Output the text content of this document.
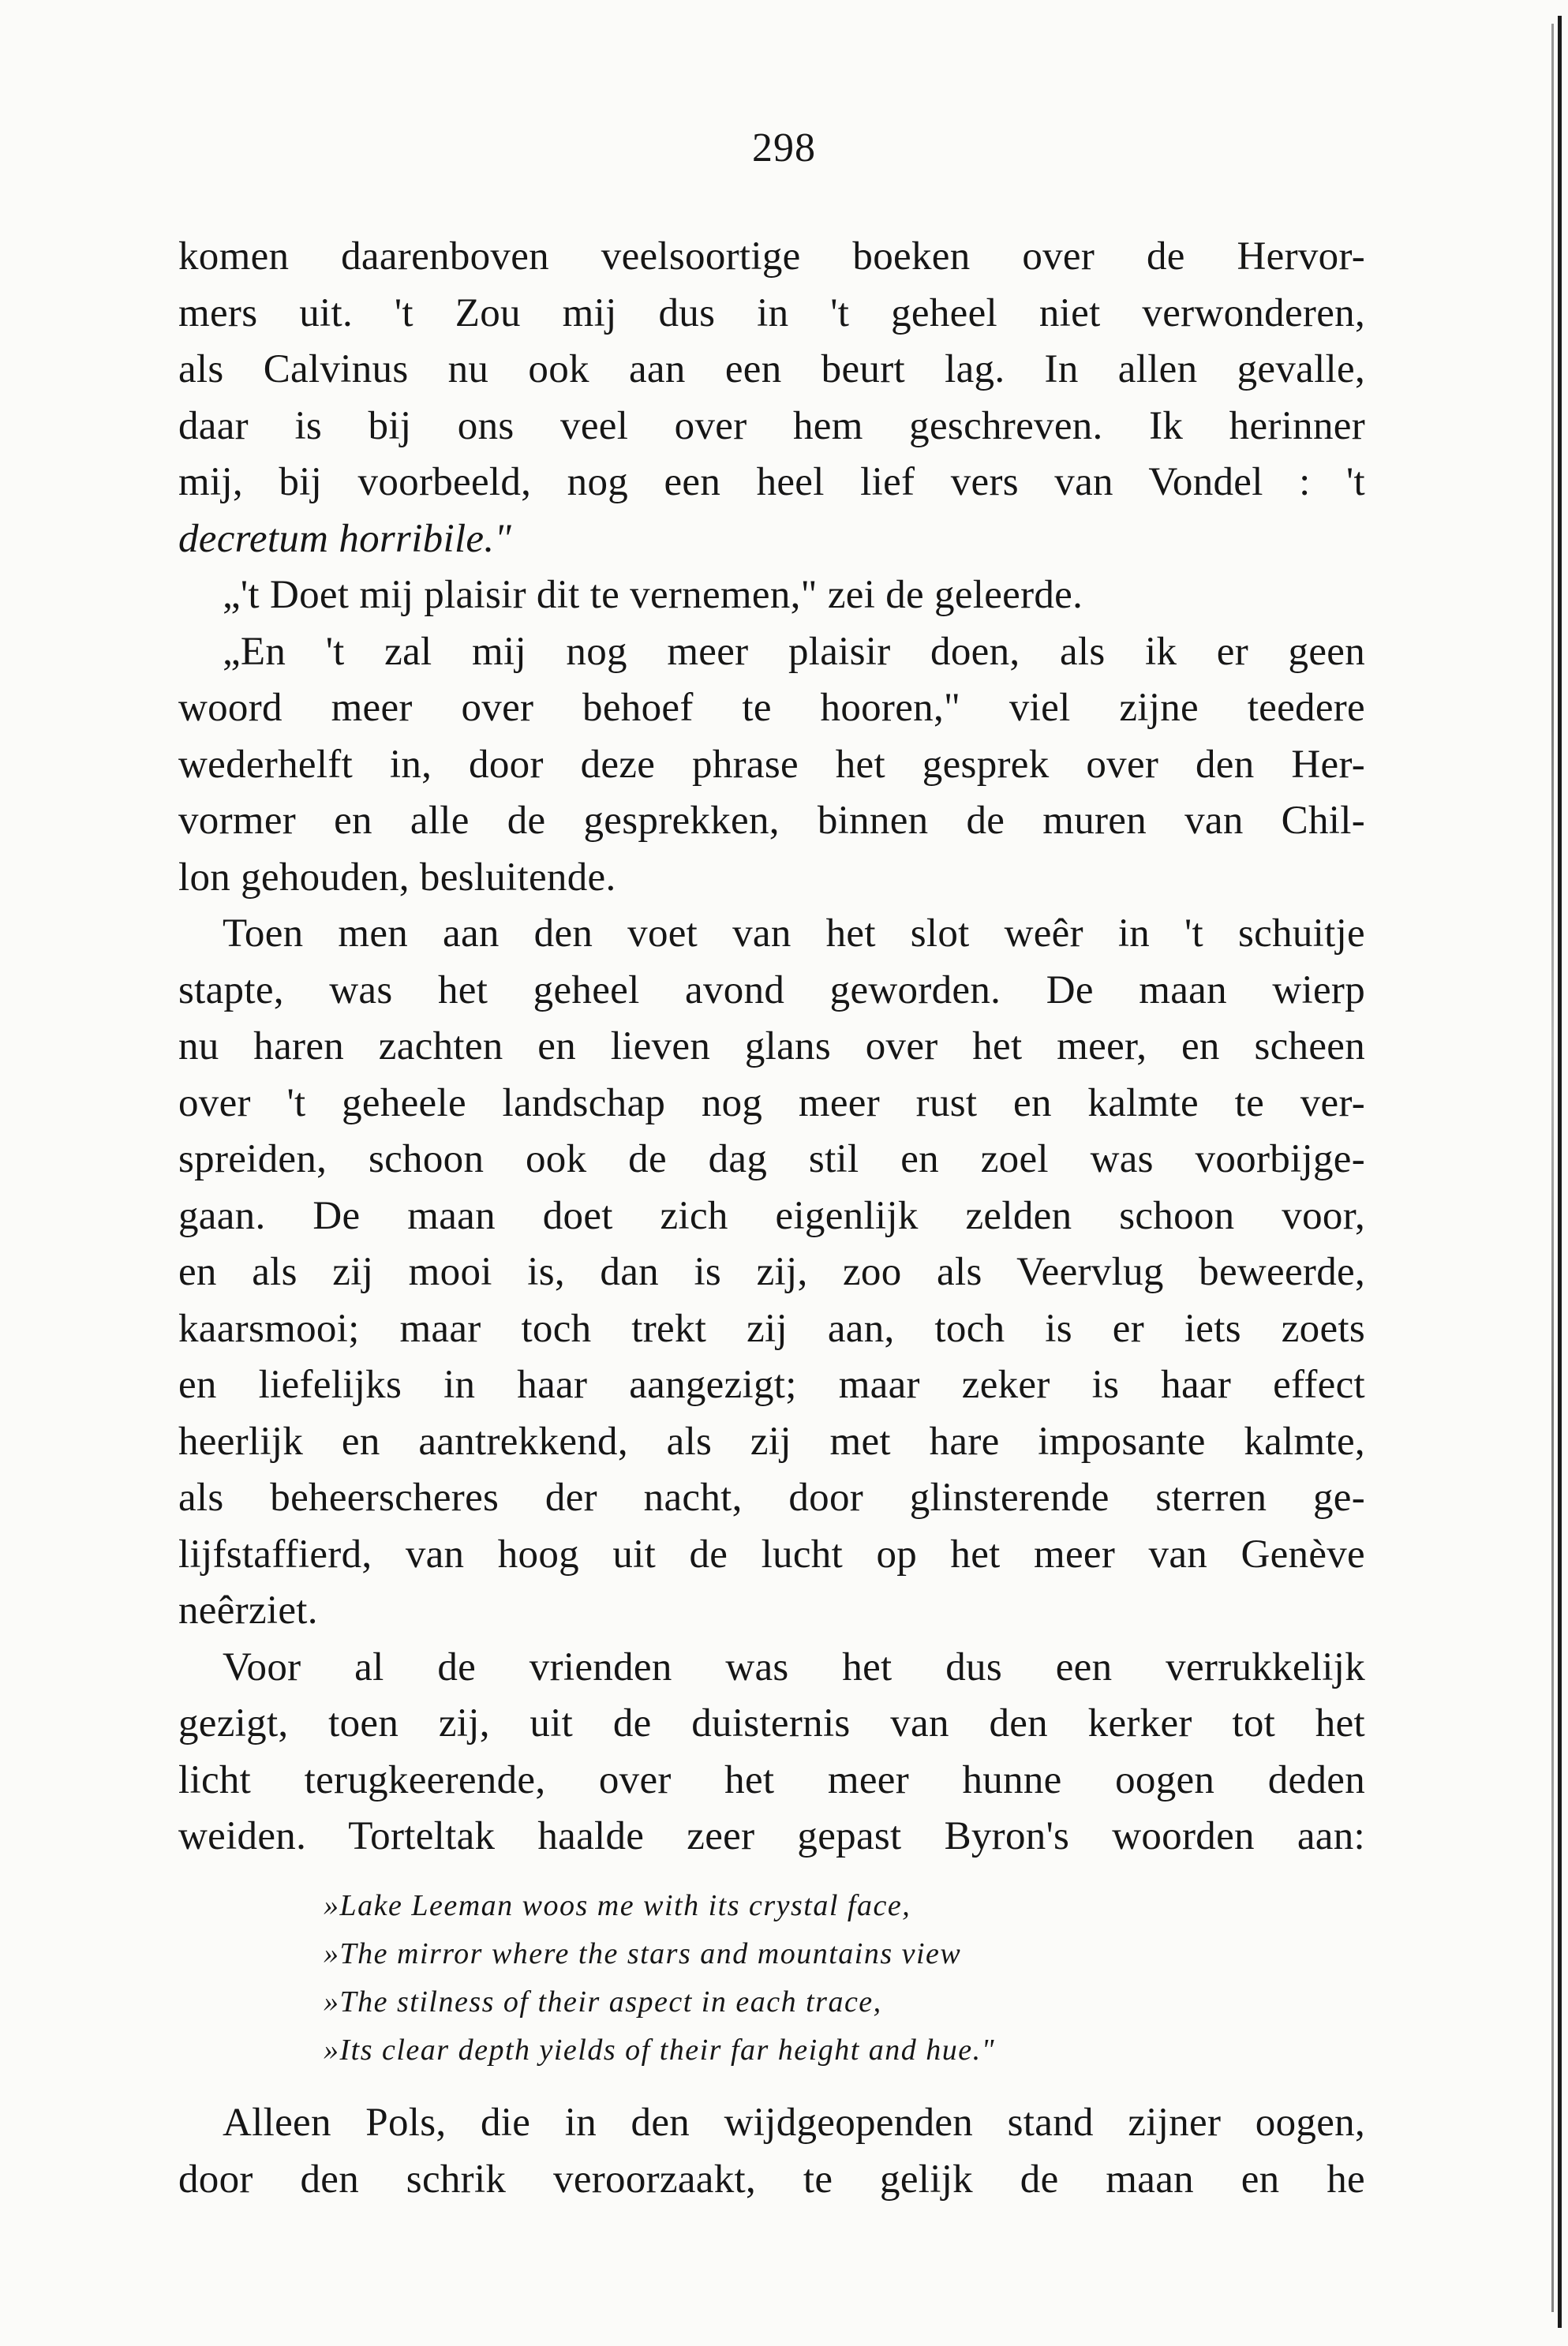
298
komen daarenboven veelsoortige boeken over de Hervor-
mers uit. 't Zou mij dus in 't geheel niet verwonderen,
als Calvinus nu ook aan een beurt lag. In allen gevalle,
daar is bij ons veel over hem geschreven. Ik herinner
mij, bij voorbeeld, nog een heel lief vers van Vondel : 't
decretum horribile."
„'t Doet mij plaisir dit te vernemen," zei de geleerde.
„En 't zal mij nog meer plaisir doen, als ik er geen
woord meer over behoef te hooren," viel zijne teedere
wederhelft in, door deze phrase het gesprek over den Her-
vormer en alle de gesprekken, binnen de muren van Chil-
lon gehouden, besluitende.
Toen men aan den voet van het slot weêr in 't schuitje
stapte, was het geheel avond geworden. De maan wierp
nu haren zachten en lieven glans over het meer, en scheen
over 't geheele landschap nog meer rust en kalmte te ver-
spreiden, schoon ook de dag stil en zoel was voorbijge-
gaan. De maan doet zich eigenlijk zelden schoon voor,
en als zij mooi is, dan is zij, zoo als Veervlug beweerde,
kaarsmooi; maar toch trekt zij aan, toch is er iets zoets
en liefelijks in haar aangezigt; maar zeker is haar effect
heerlijk en aantrekkend, als zij met hare imposante kalmte,
als beheerscheres der nacht, door glinsterende sterren ge-
lijfstaffierd, van hoog uit de lucht op het meer van Genève
neêrziet.
Voor al de vrienden was het dus een verrukkelijk
gezigt, toen zij, uit de duisternis van den kerker tot het
licht terugkeerende, over het meer hunne oogen deden
weiden. Torteltak haalde zeer gepast Byron's woorden aan:
»Lake Leeman woos me with its crystal face,
»The mirror where the stars and mountains view
»The stilness of their aspect in each trace,
»Its clear depth yields of their far height and hue."
Alleen Pols, die in den wijdgeopenden stand zijner oogen,
door den schrik veroorzaakt, te gelijk de maan en he
